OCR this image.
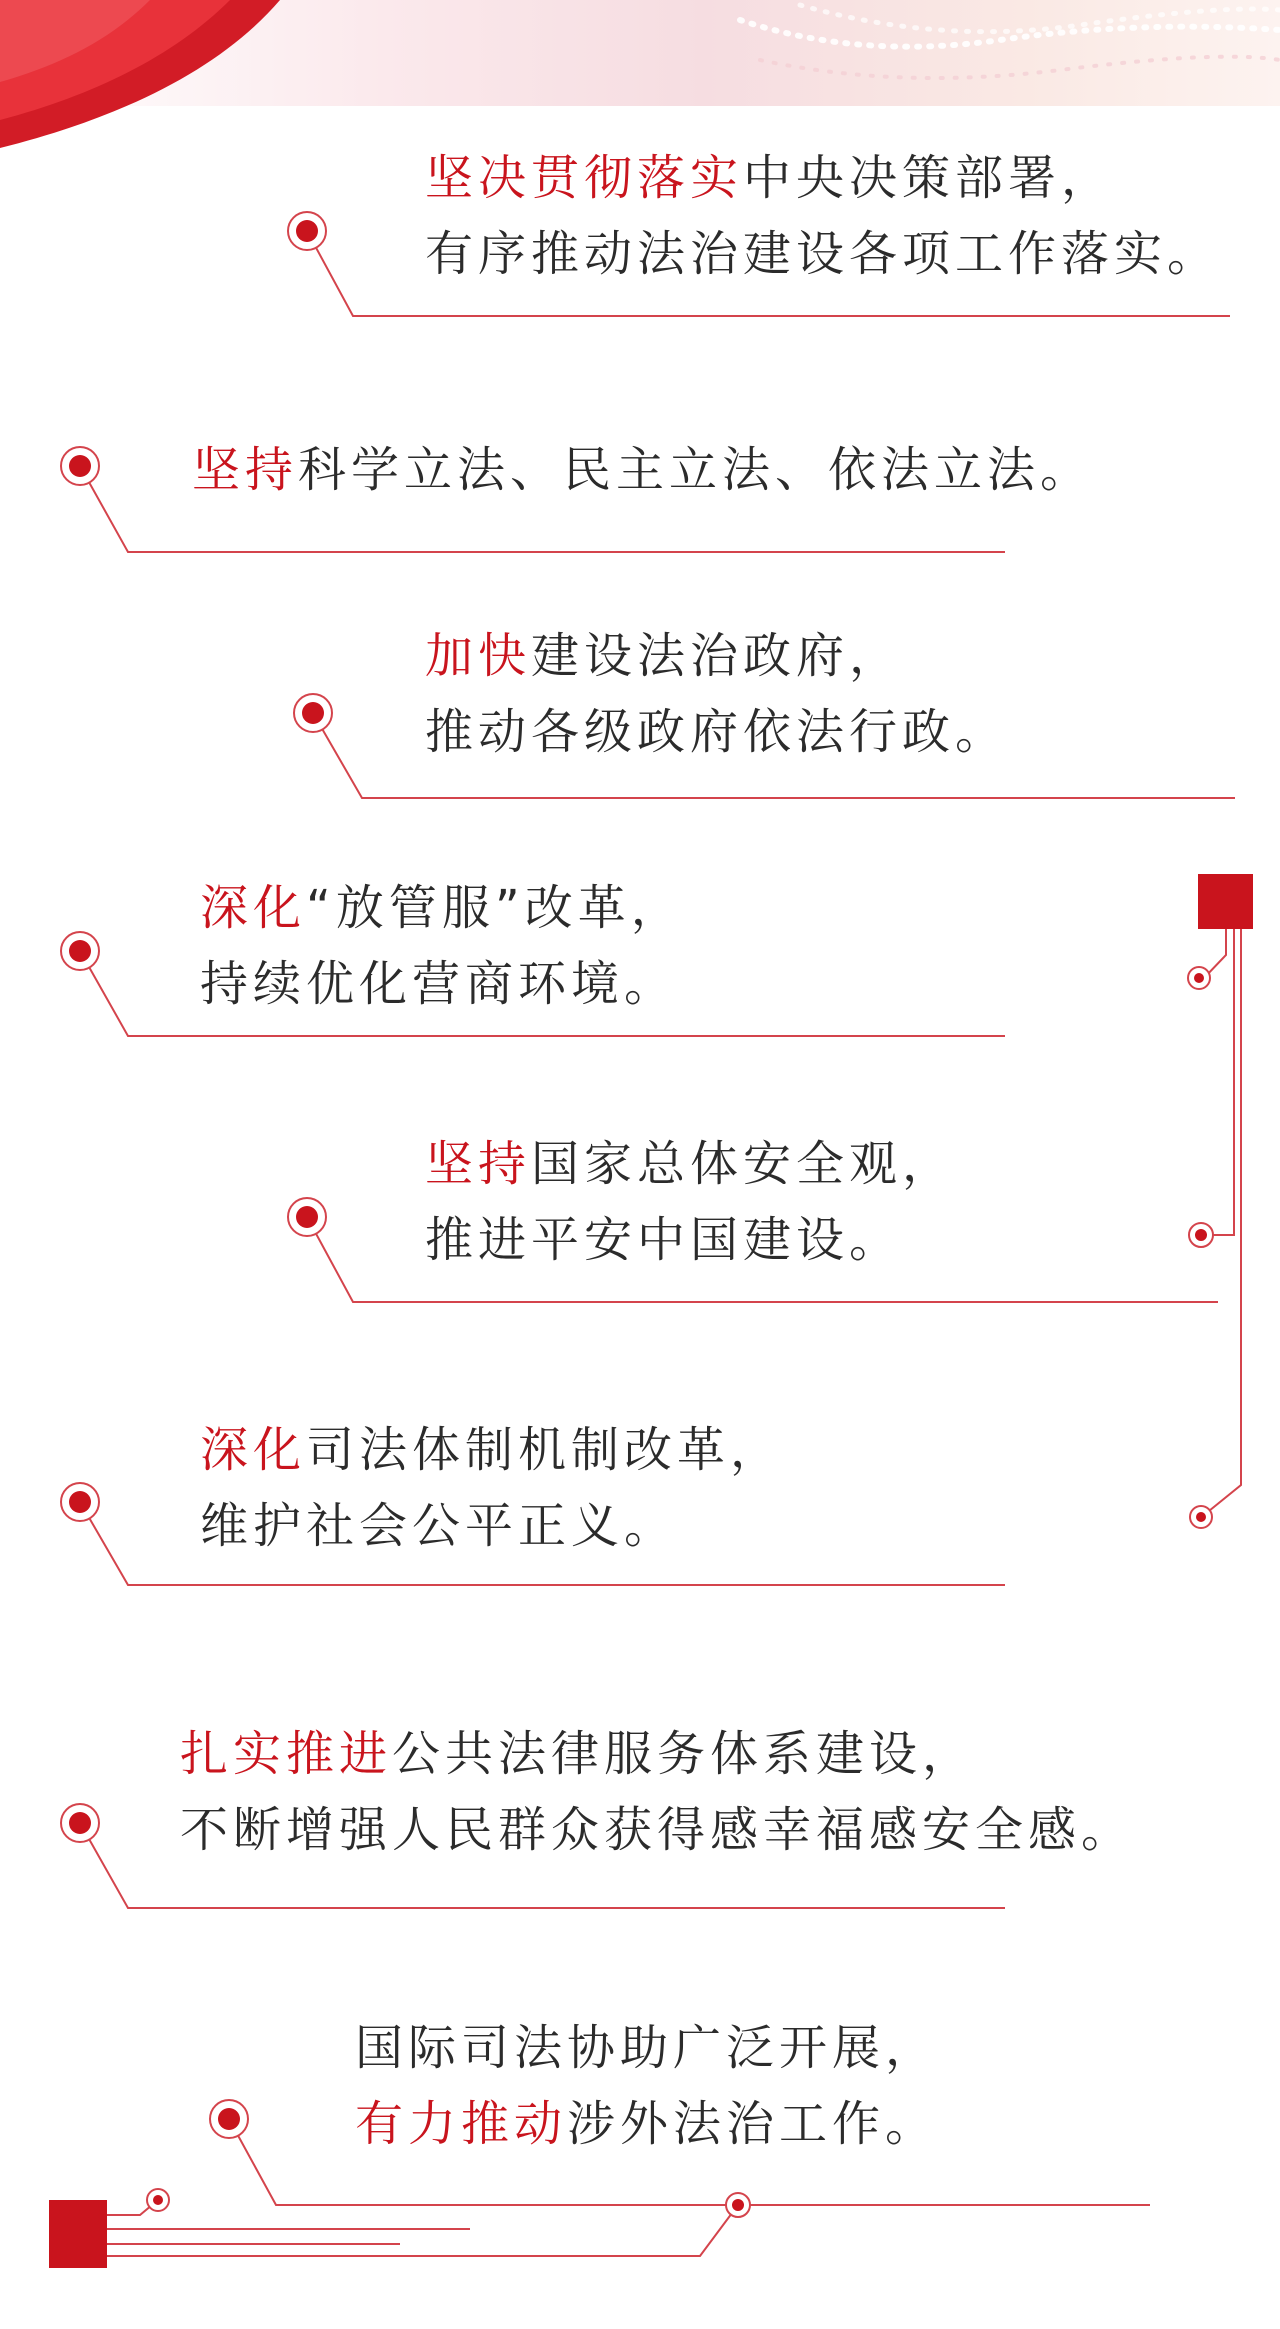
坚决贯彻落实中央决策部署，
有序推动法治建设各项工作落实。
坚持科学立法、民主立法、依法立法。
加快建设法治政府，
推动各级政府依法行政。
深化“放管服”改革，
持续优化营商环境。
坚持国家总体安全观，
推进平安中国建设。
深化司法体制机制改革，
维护社会公平正义。
扎实推进公共法律服务体系建设，
不断增强人民群众获得感幸福感安全感。
国际司法协助广泛开展，
有力推动涉外法治工作。
